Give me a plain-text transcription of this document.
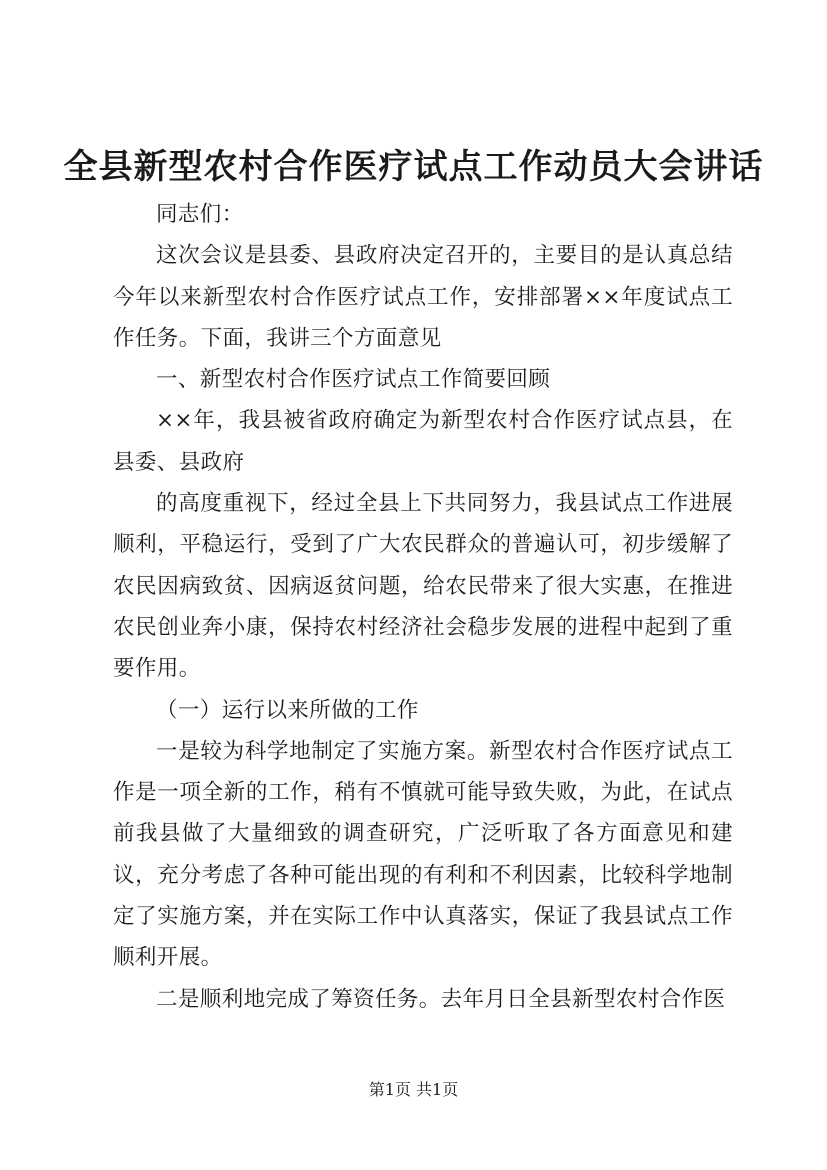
全县新型农村合作医疗试点工作动员大会讲话

同志们：

这次会议是县委、县政府决定召开的，主要目的是认真总结今年以来新型农村合作医疗试点工作，安排部署××年度试点工作任务。下面，我讲三个方面意见

一、新型农村合作医疗试点工作简要回顾

××年，我县被省政府确定为新型农村合作医疗试点县，在县委、县政府

的高度重视下，经过全县上下共同努力，我县试点工作进展顺利，平稳运行，受到了广大农民群众的普遍认可，初步缓解了农民因病致贫、因病返贫问题，给农民带来了很大实惠，在推进农民创业奔小康，保持农村经济社会稳步发展的进程中起到了重要作用。

（一）运行以来所做的工作

一是较为科学地制定了实施方案。新型农村合作医疗试点工作是一项全新的工作，稍有不慎就可能导致失败，为此，在试点前我县做了大量细致的调查研究，广泛听取了各方面意见和建议，充分考虑了各种可能出现的有利和不利因素，比较科学地制定了实施方案，并在实际工作中认真落实，保证了我县试点工作顺利开展。

二是顺利地完成了筹资任务。去年月日全县新型农村合作医

第1页 共1页
